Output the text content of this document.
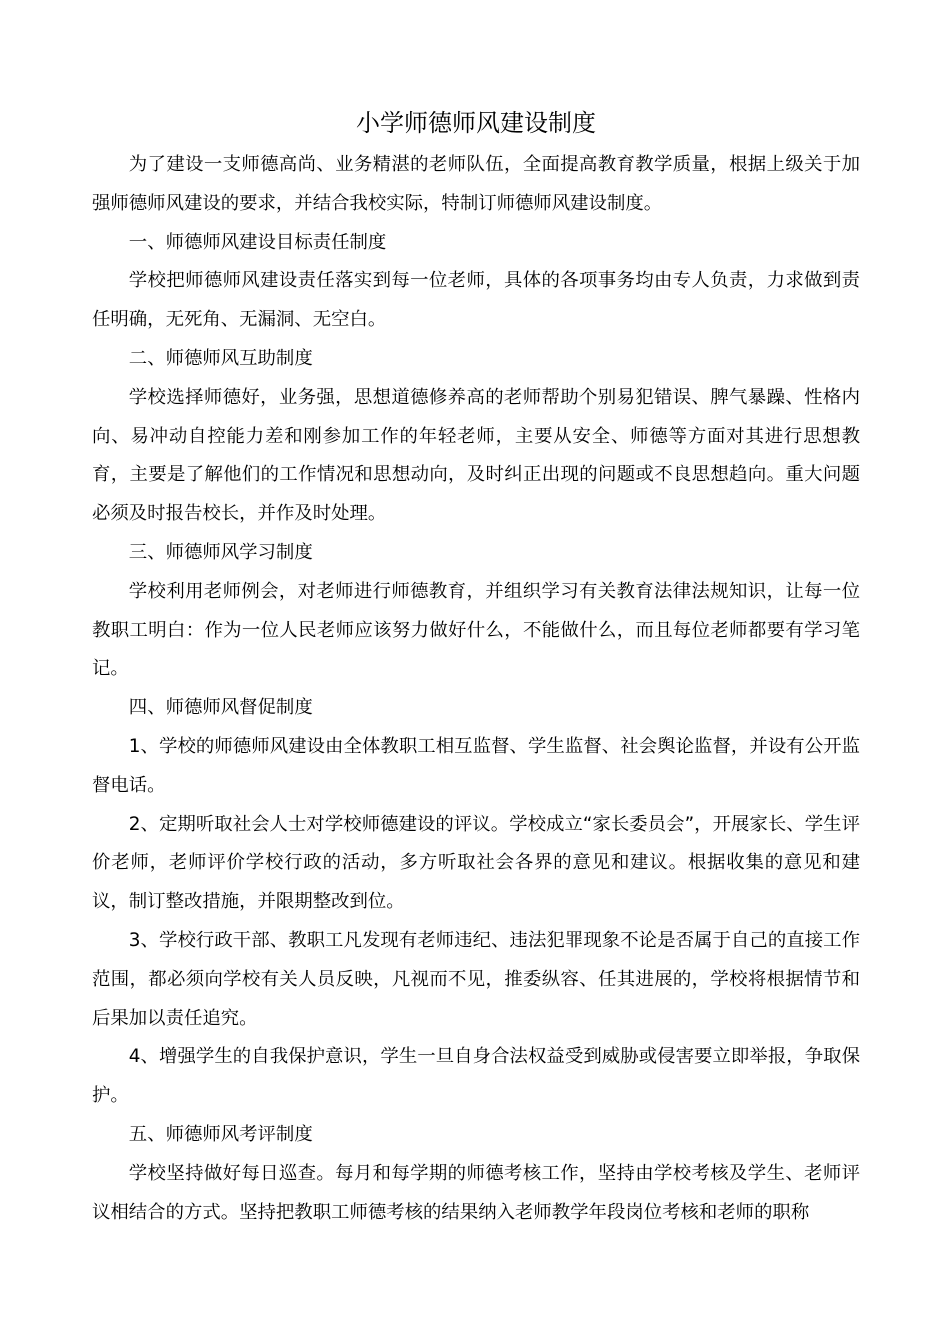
小学师德师风建设制度

为了建设一支师德高尚、业务精湛的老师队伍，全面提高教育教学质量，根据上级关于加强师德师风建设的要求，并结合我校实际，特制订师德师风建设制度。

一、师德师风建设目标责任制度

学校把师德师风建设责任落实到每一位老师，具体的各项事务均由专人负责，力求做到责任明确，无死角、无漏洞、无空白。

二、师德师风互助制度

学校选择师德好，业务强，思想道德修养高的老师帮助个别易犯错误、脾气暴躁、性格内向、易冲动自控能力差和刚参加工作的年轻老师，主要从安全、师德等方面对其进行思想教育，主要是了解他们的工作情况和思想动向，及时纠正出现的问题或不良思想趋向。重大问题必须及时报告校长，并作及时处理。

三、师德师风学习制度

学校利用老师例会，对老师进行师德教育，并组织学习有关教育法律法规知识，让每一位教职工明白：作为一位人民老师应该努力做好什么，不能做什么，而且每位老师都要有学习笔记。

四、师德师风督促制度

1、学校的师德师风建设由全体教职工相互监督、学生监督、社会舆论监督，并设有公开监督电话。

2、定期听取社会人士对学校师德建设的评议。学校成立“家长委员会”，开展家长、学生评价老师，老师评价学校行政的活动，多方听取社会各界的意见和建议。根据收集的意见和建议，制订整改措施，并限期整改到位。

3、学校行政干部、教职工凡发现有老师违纪、违法犯罪现象不论是否属于自己的直接工作范围，都必须向学校有关人员反映，凡视而不见，推委纵容、任其进展的，学校将根据情节和后果加以责任追究。

4、增强学生的自我保护意识，学生一旦自身合法权益受到威胁或侵害要立即举报，争取保护。

五、师德师风考评制度

学校坚持做好每日巡查。每月和每学期的师德考核工作，坚持由学校考核及学生、老师评议相结合的方式。坚持把教职工师德考核的结果纳入老师教学年段岗位考核和老师的职称
